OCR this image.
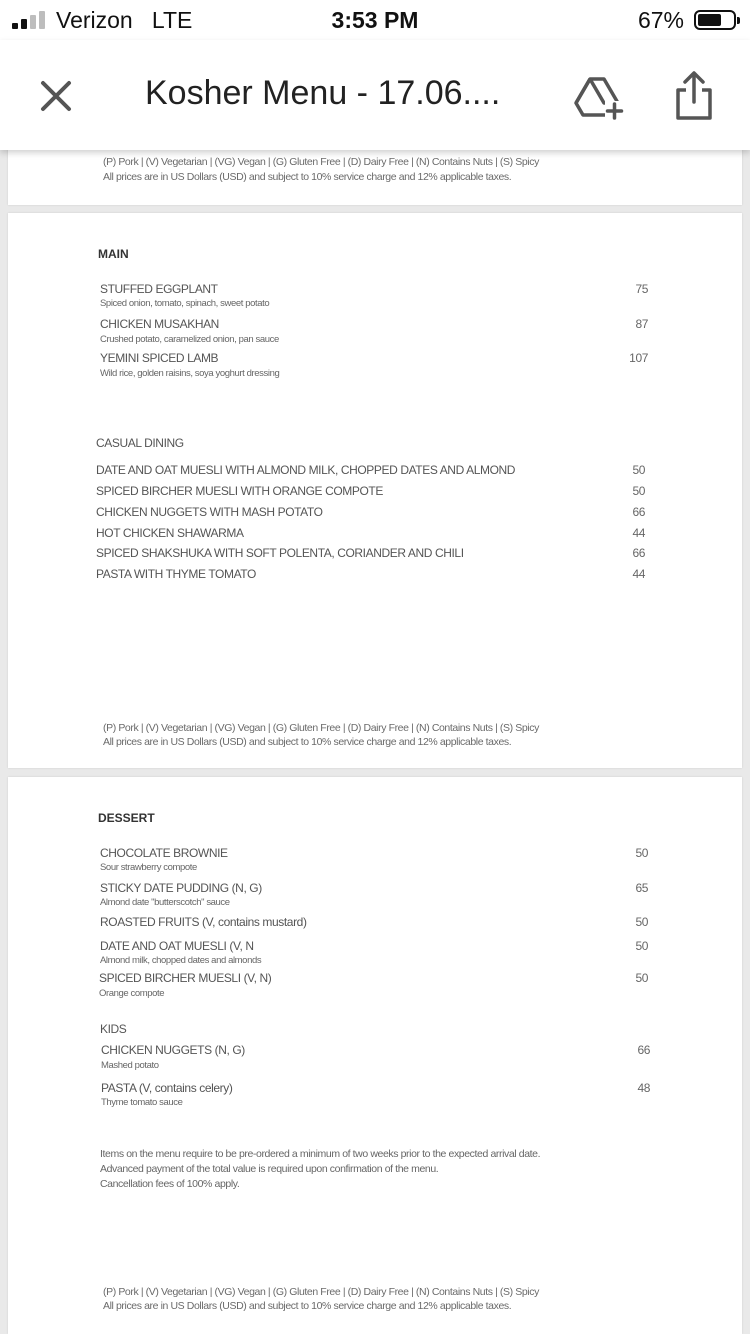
Verizon LTE	3:53 PM	67%
Kosher Menu - 17.06....
(P) Pork | (V) Vegetarian | (VG) Vegan | (G) Gluten Free | (D) Dairy Free | (N) Contains Nuts | (S) Spicy
All prices are in US Dollars (USD) and subject to 10% service charge and 12% applicable taxes.
MAIN
STUFFED EGGPLANT
Spiced onion, tomato, spinach, sweet potato
75
CHICKEN MUSAKHAN
Crushed potato, caramelized onion, pan sauce
87
YEMINI SPICED LAMB
Wild rice, golden raisins, soya yoghurt dressing
107
CASUAL DINING
DATE AND OAT MUESLI WITH ALMOND MILK, CHOPPED DATES AND ALMOND	50
SPICED BIRCHER MUESLI WITH ORANGE COMPOTE	50
CHICKEN NUGGETS WITH MASH POTATO	66
HOT CHICKEN SHAWARMA	44
SPICED SHAKSHUKA WITH SOFT POLENTA, CORIANDER AND CHILI	66
PASTA WITH THYME TOMATO	44
(P) Pork | (V) Vegetarian | (VG) Vegan | (G) Gluten Free | (D) Dairy Free | (N) Contains Nuts | (S) Spicy
All prices are in US Dollars (USD) and subject to 10% service charge and 12% applicable taxes.
DESSERT
CHOCOLATE BROWNIE
Sour strawberry compote
50
STICKY DATE PUDDING (N, G)
Almond date "butterscotch" sauce
65
ROASTED FRUITS (V, contains mustard)	50
DATE AND OAT MUESLI (V, N
Almond milk, chopped dates and almonds
50
SPICED BIRCHER MUESLI (V, N)
Orange compote
50
KIDS
CHICKEN NUGGETS (N, G)
Mashed potato
66
PASTA (V, contains celery)
Thyme tomato sauce
48
Items on the menu require to be pre-ordered a minimum of two weeks prior to the expected arrival date.
Advanced payment of the total value is required upon confirmation of the menu.
Cancellation fees of 100% apply.
(P) Pork | (V) Vegetarian | (VG) Vegan | (G) Gluten Free | (D) Dairy Free | (N) Contains Nuts | (S) Spicy
All prices are in US Dollars (USD) and subject to 10% service charge and 12% applicable taxes.
